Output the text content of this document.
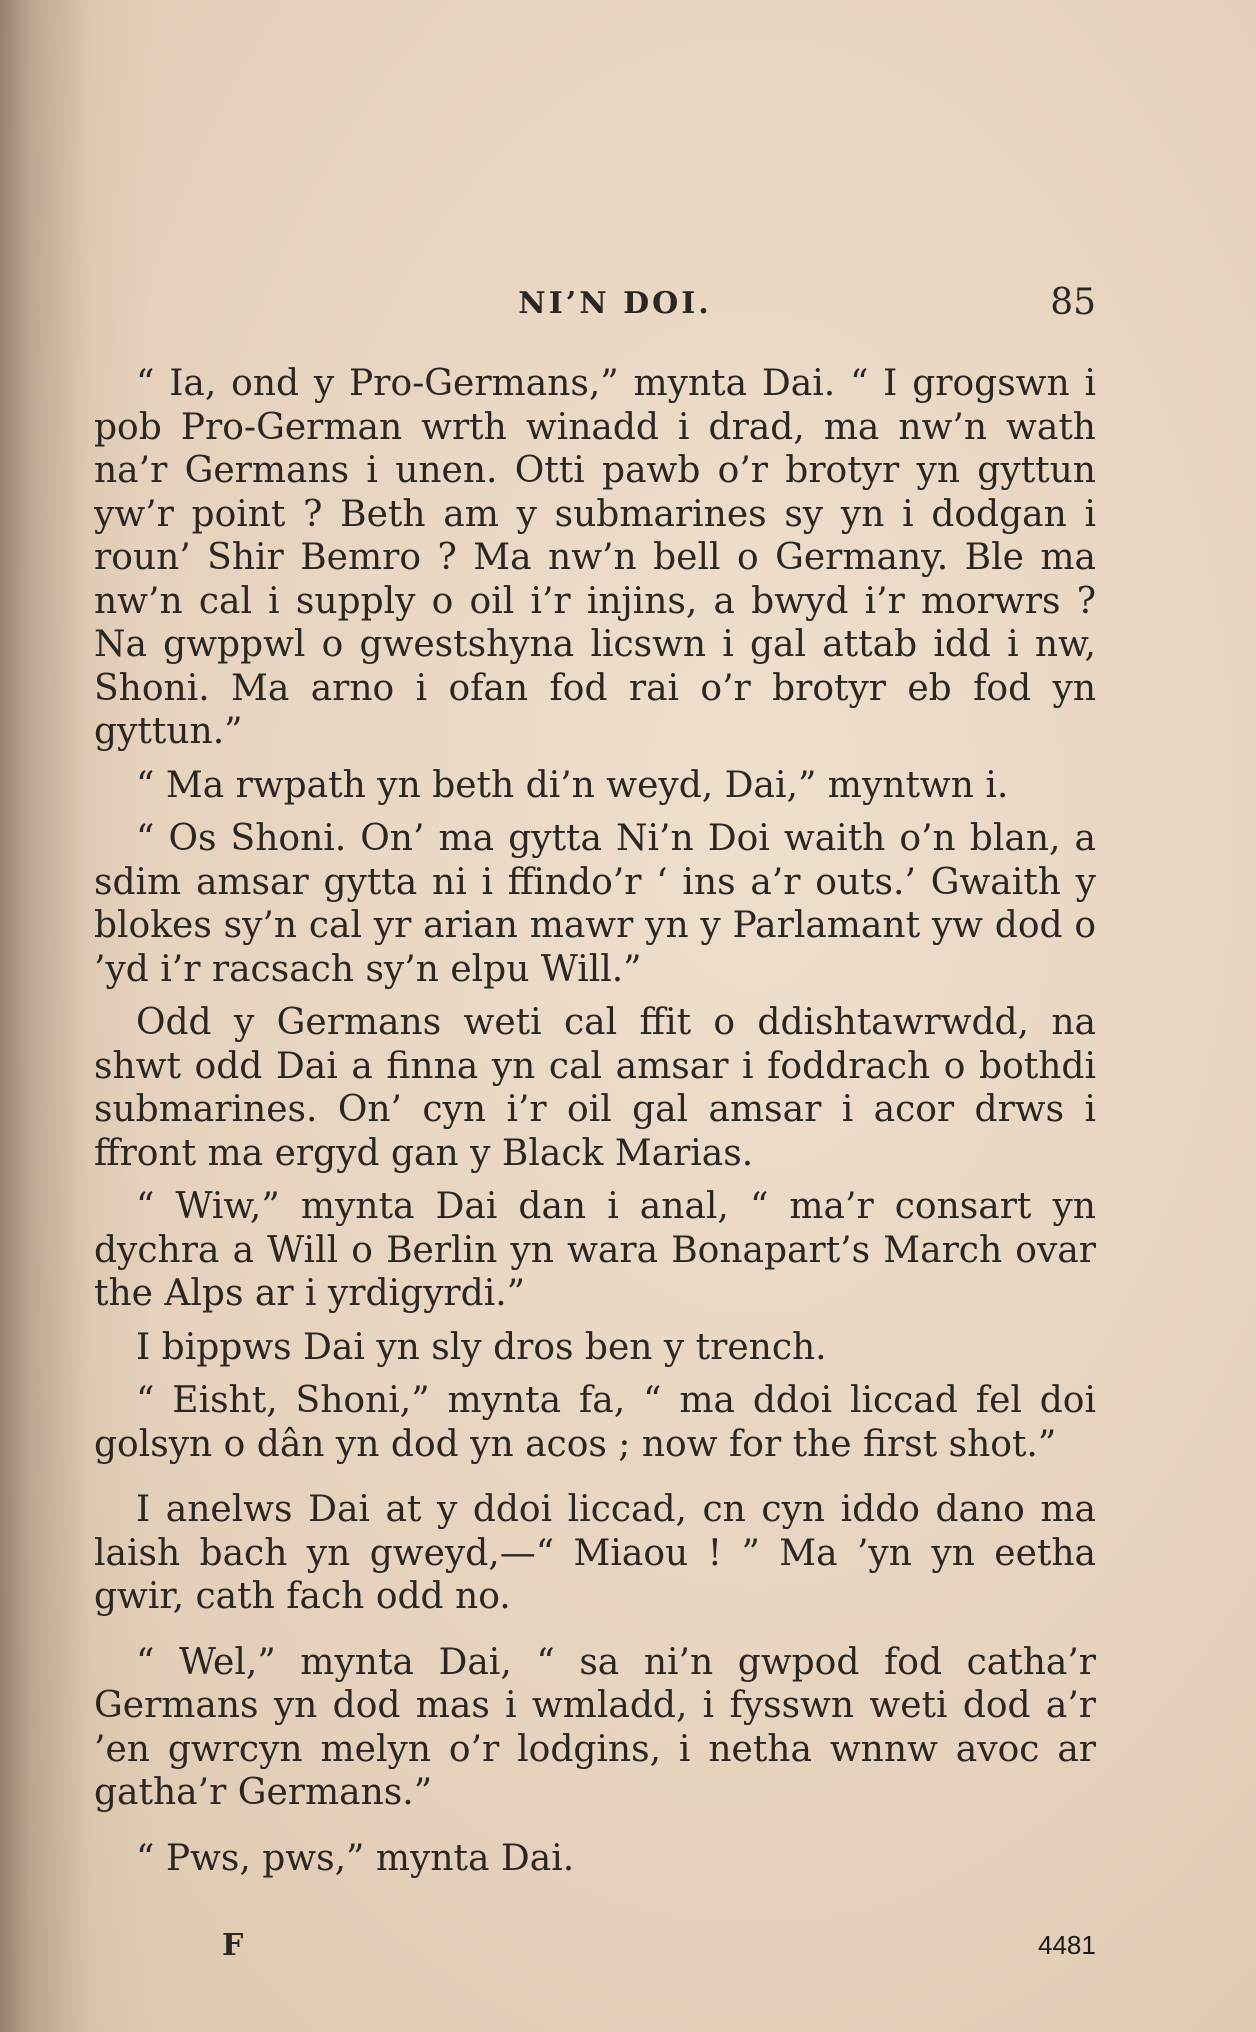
NI’N DOI.	85

“ Ia, ond y Pro-Germans,” mynta Dai. “ I grogswn i pob Pro-German wrth winadd i drad, ma nw’n wath na’r Germans i unen. Otti pawb o’r brotyr yn gyttun yw’r point ? Beth am y submarines sy yn i dodgan i roun’ Shir Bemro ? Ma nw’n bell o Germany. Ble ma nw’n cal i supply o oil i’r injins, a bwyd i’r morwrs ? Na gwppwl o gwestshyna licswn i gal attab idd i nw, Shoni. Ma arno i ofan fod rai o’r brotyr eb fod yn gyttun.”

“ Ma rwpath yn beth di’n weyd, Dai,” myntwn i.

“ Os Shoni. On’ ma gytta Ni’n Doi waith o’n blan, a sdim amsar gytta ni i ffindo’r ‘ ins a’r outs.’ Gwaith y blokes sy’n cal yr arian mawr yn y Parlamant yw dod o ’yd i’r racsach sy’n elpu Will.”

Odd y Germans weti cal ffit o ddishtawrwdd, na shwt odd Dai a finna yn cal amsar i foddrach o bothdi submarines. On’ cyn i’r oil gal amsar i acor drws i ffront ma ergyd gan y Black Marias.

“ Wiw,” mynta Dai dan i anal, “ ma’r consart yn dychra a Will o Berlin yn wara Bonapart’s March ovar the Alps ar i yrdigyrdi.”

I bippws Dai yn sly dros ben y trench.

“ Eisht, Shoni,” mynta fa, “ ma ddoi liccad fel doi golsyn o dân yn dod yn acos ; now for the first shot.”

I anelws Dai at y ddoi liccad, cn cyn iddo dano ma laish bach yn gweyd,—“ Miaou ! ” Ma ’yn yn eetha gwir, cath fach odd no.

“ Wel,” mynta Dai, “ sa ni’n gwpod fod catha’r Germans yn dod mas i wmladd, i fysswn weti dod a’r ’en gwrcyn melyn o’r lodgins, i netha wnnw avoc ar gatha’r Germans.”

“ Pws, pws,” mynta Dai.

F	4481
